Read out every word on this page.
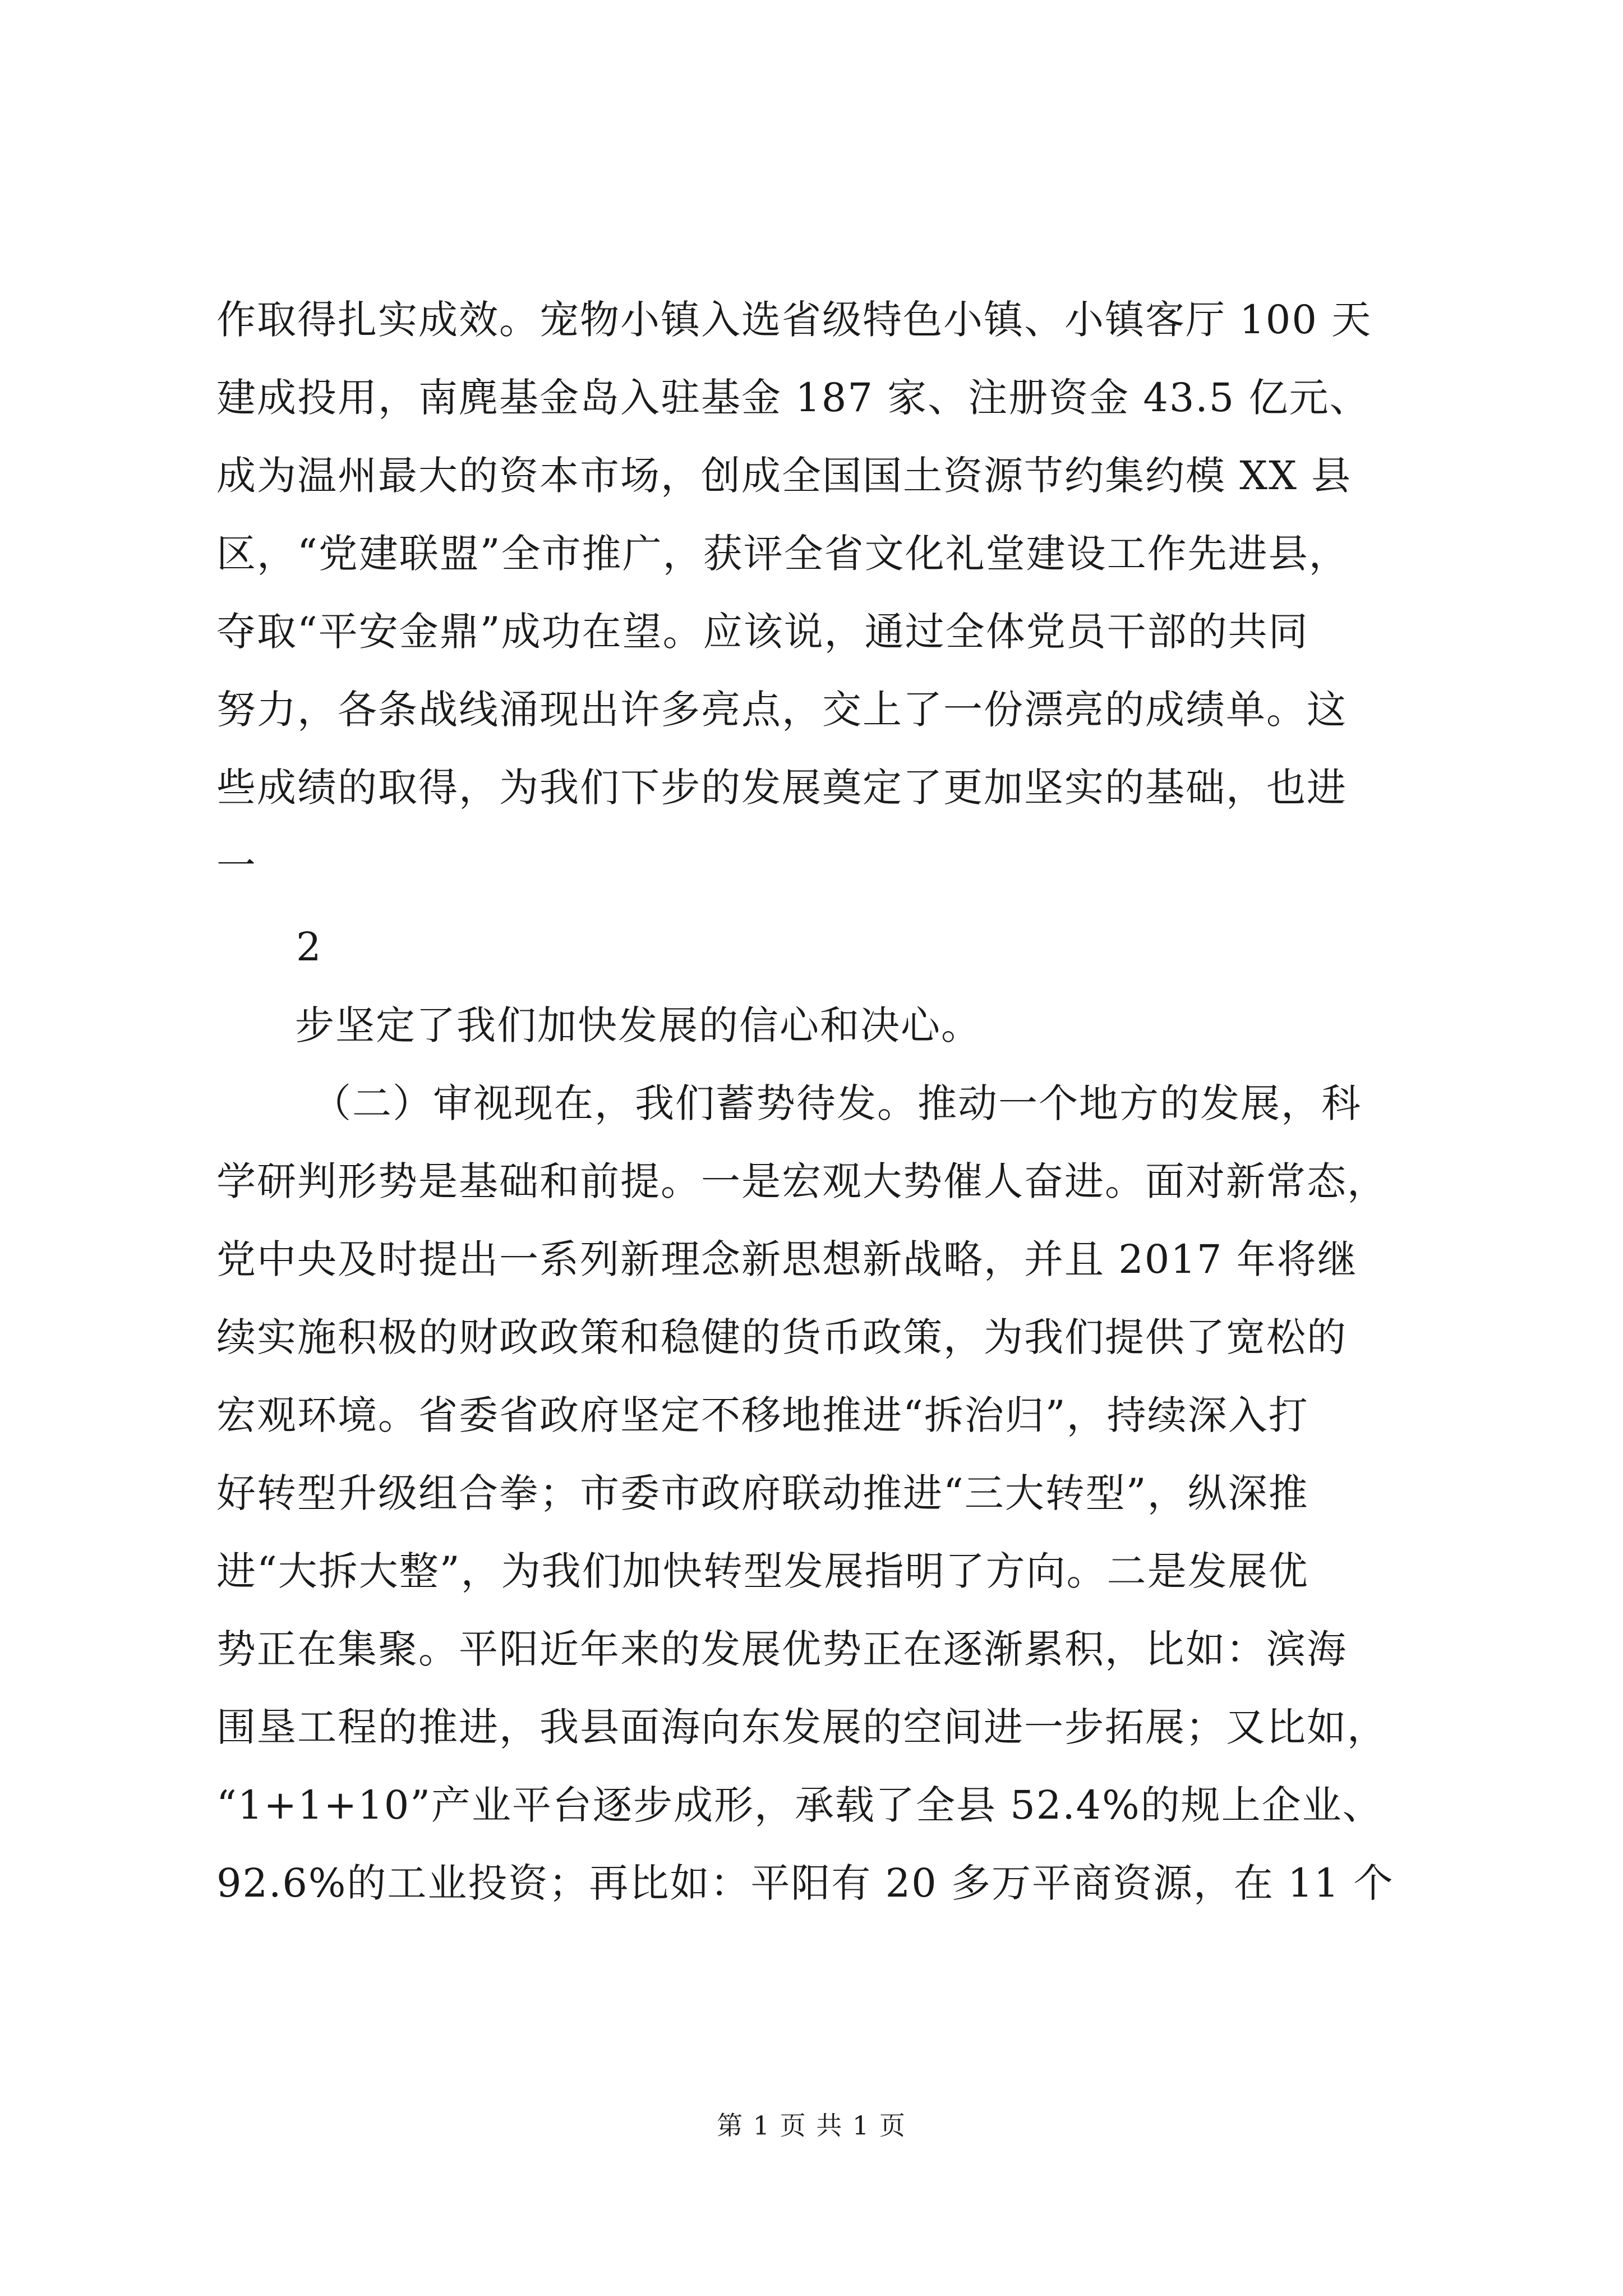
作取得扎实成效。宠物小镇入选省级特色小镇、小镇客厅 100 天

建成投用，南麂基金岛入驻基金 187 家、注册资金 43.5 亿元、

成为温州最大的资本市场，创成全国国土资源节约集约模 XX 县

区，“党建联盟”全市推广，获评全省文化礼堂建设工作先进县，

夺取“平安金鼎”成功在望。应该说，通过全体党员干部的共同

努力，各条战线涌现出许多亮点，交上了一份漂亮的成绩单。这

些成绩的取得，为我们下步的发展奠定了更加坚实的基础，也进

一

2

步坚定了我们加快发展的信心和决心。

（二）审视现在，我们蓄势待发。推动一个地方的发展，科

学研判形势是基础和前提。一是宏观大势催人奋进。面对新常态，

党中央及时提出一系列新理念新思想新战略，并且 2017 年将继

续实施积极的财政政策和稳健的货币政策，为我们提供了宽松的

宏观环境。省委省政府坚定不移地推进“拆治归”，持续深入打

好转型升级组合拳；市委市政府联动推进“三大转型”，纵深推

进“大拆大整”，为我们加快转型发展指明了方向。二是发展优

势正在集聚。平阳近年来的发展优势正在逐渐累积，比如：滨海

围垦工程的推进，我县面海向东发展的空间进一步拓展；又比如，

“1+1+10”产业平台逐步成形，承载了全县 52.4%的规上企业、

92.6%的工业投资；再比如：平阳有 20 多万平商资源，在 11 个

第 1 页 共 1 页
